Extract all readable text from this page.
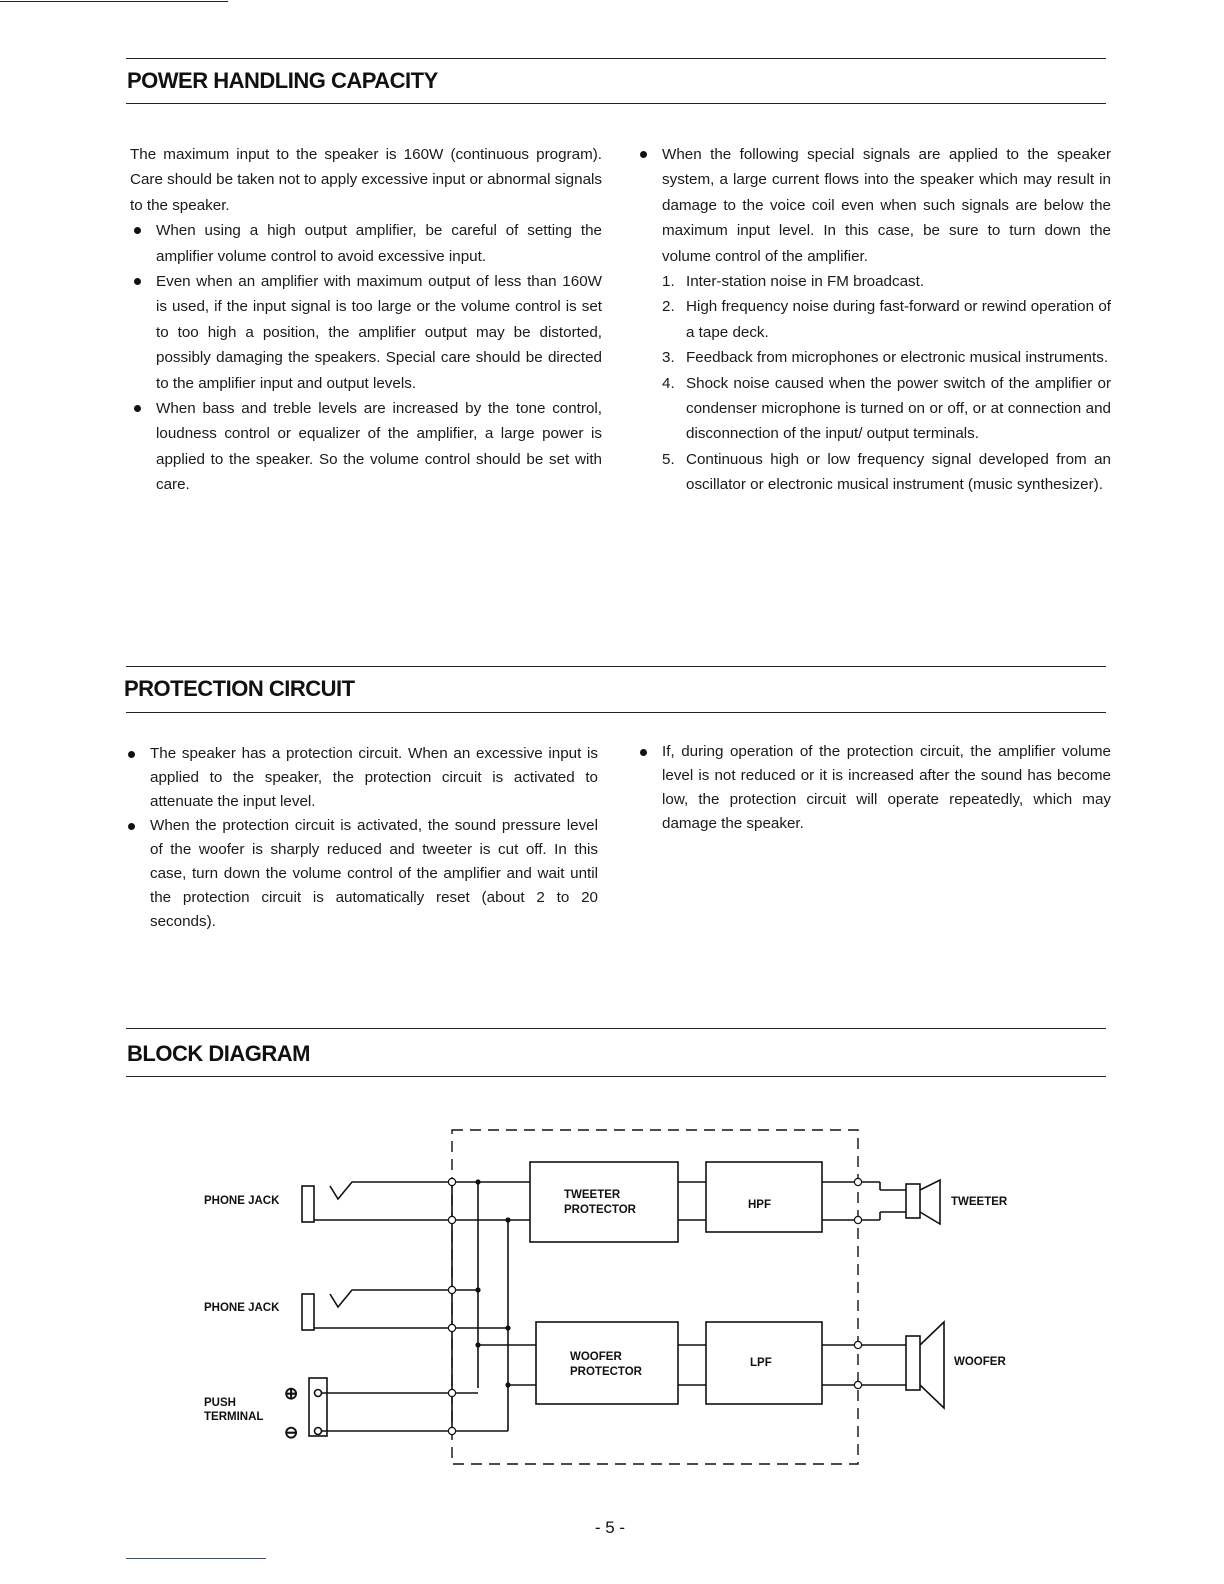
POWER HANDLING CAPACITY

The maximum input to the speaker is 160W (continuous program). Care should be taken not to apply excessive input or abnormal signals to the speaker.

When using a high output amplifier, be careful of setting the amplifier volume control to avoid excessive input.
Even when an amplifier with maximum output of less than 160W is used, if the input signal is too large or the volume control is set to too high a position, the amplifier output may be distorted, possibly damaging the speakers. Special care should be directed to the amplifier input and output levels.
When bass and treble levels are increased by the tone control, loudness control or equalizer of the amplifier, a large power is applied to the speaker. So the volume control should be set with care.
When the following special signals are applied to the speaker system, a large current flows into the speaker which may result in damage to the voice coil even when such signals are below the maximum input level. In this case, be sure to turn down the volume control of the amplifier.
1. Inter-station noise in FM broadcast.
2. High frequency noise during fast-forward or rewind operation of a tape deck.
3. Feedback from microphones or electronic musical instruments.
4. Shock noise caused when the power switch of the amplifier or condenser microphone is turned on or off, or at connection and disconnection of the input/ output terminals.
5. Continuous high or low frequency signal developed from an oscillator or electronic musical instrument (music synthesizer).
PROTECTION CIRCUIT
The speaker has a protection circuit. When an excessive input is applied to the speaker, the protection circuit is activated to attenuate the input level.
When the protection circuit is activated, the sound pressure level of the woofer is sharply reduced and tweeter is cut off. In this case, turn down the volume control of the amplifier and wait until the protection circuit is automatically reset (about 2 to 20 seconds).
If, during operation of the protection circuit, the amplifier volume level is not reduced or it is increased after the sound has become low, the protection circuit will operate repeatedly, which may damage the speaker.
BLOCK DIAGRAM
PHONE JACK
PHONE JACK
PUSH
TERMINAL
⊕
⊖
TWEETER
PROTECTOR	HPF
WOOFER
PROTECTOR
LPF
TWEETER
WOOFER
- 5 -
